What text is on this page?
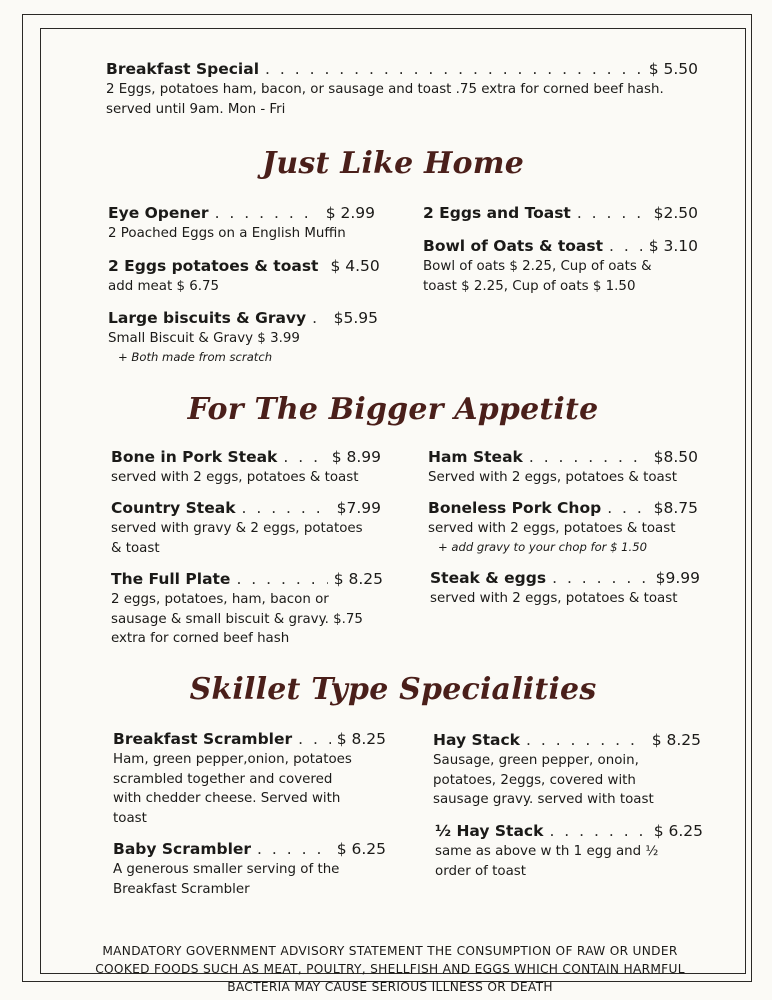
Breakfast Special . . .	$ 5.50
2 Eggs, potatoes ham, bacon, or sausage and toast .75 extra for corned beef hash.
served until 9am. Mon - Fri
Just Like Home
Eye Opener . . .	$ 2.99
2 Poached Eggs on a English Muffin
2 Eggs potatoes & toast $ 4.50
add meat $ 6.75
Large biscuits & Gravy . . . $5.95
Small Biscuit & Gravy $ 3.99
+ Both made from scratch
2 Eggs and Toast . . .	$2.50
Bowl of Oats & toast . . .	$ 3.10
Bowl of oats $ 2.25, Cup of oats &
toast $ 2.25, Cup of oats $ 1.50
For The Bigger Appetite
Bone in Pork Steak . . .	$ 8.99
served with 2 eggs, potatoes & toast
Country Steak . . .	$7.99
served with gravy & 2 eggs, potatoes
& toast
The Full Plate . . .	$ 8.25
2 eggs, potatoes, ham, bacon or
sausage & small biscuit & gravy. $.75
extra for corned beef hash
Ham Steak . . .	$8.50
Served with 2 eggs, potatoes & toast
Boneless Pork Chop . . .	$8.75
served with 2 eggs, potatoes & toast
+ add gravy to your chop for $ 1.50
Steak & eggs . . .	$9.99
served with 2 eggs, potatoes & toast
Skillet Type Specialities
Breakfast Scrambler . . .	$ 8.25
Ham, green pepper,onion, potatoes
scrambled together and covered
with chedder cheese. Served with
toast
Baby Scrambler . . .	$ 6.25
A generous smaller serving of the
Breakfast Scrambler
Hay Stack . . .	$ 8.25
Sausage, green pepper, onoin,
potatoes, 2eggs, covered with
sausage gravy. served with toast
½ Hay Stack . . .	$ 6.25
same as above w th 1 egg and ½
order of toast
MANDATORY GOVERNMENT ADVISORY STATEMENT THE CONSUMPTION OF RAW OR UNDER
COOKED FOODS SUCH AS MEAT, POULTRY, SHELLFISH AND EGGS WHICH CONTAIN HARMFUL
BACTERIA MAY CAUSE SERIOUS ILLNESS OR DEATH
